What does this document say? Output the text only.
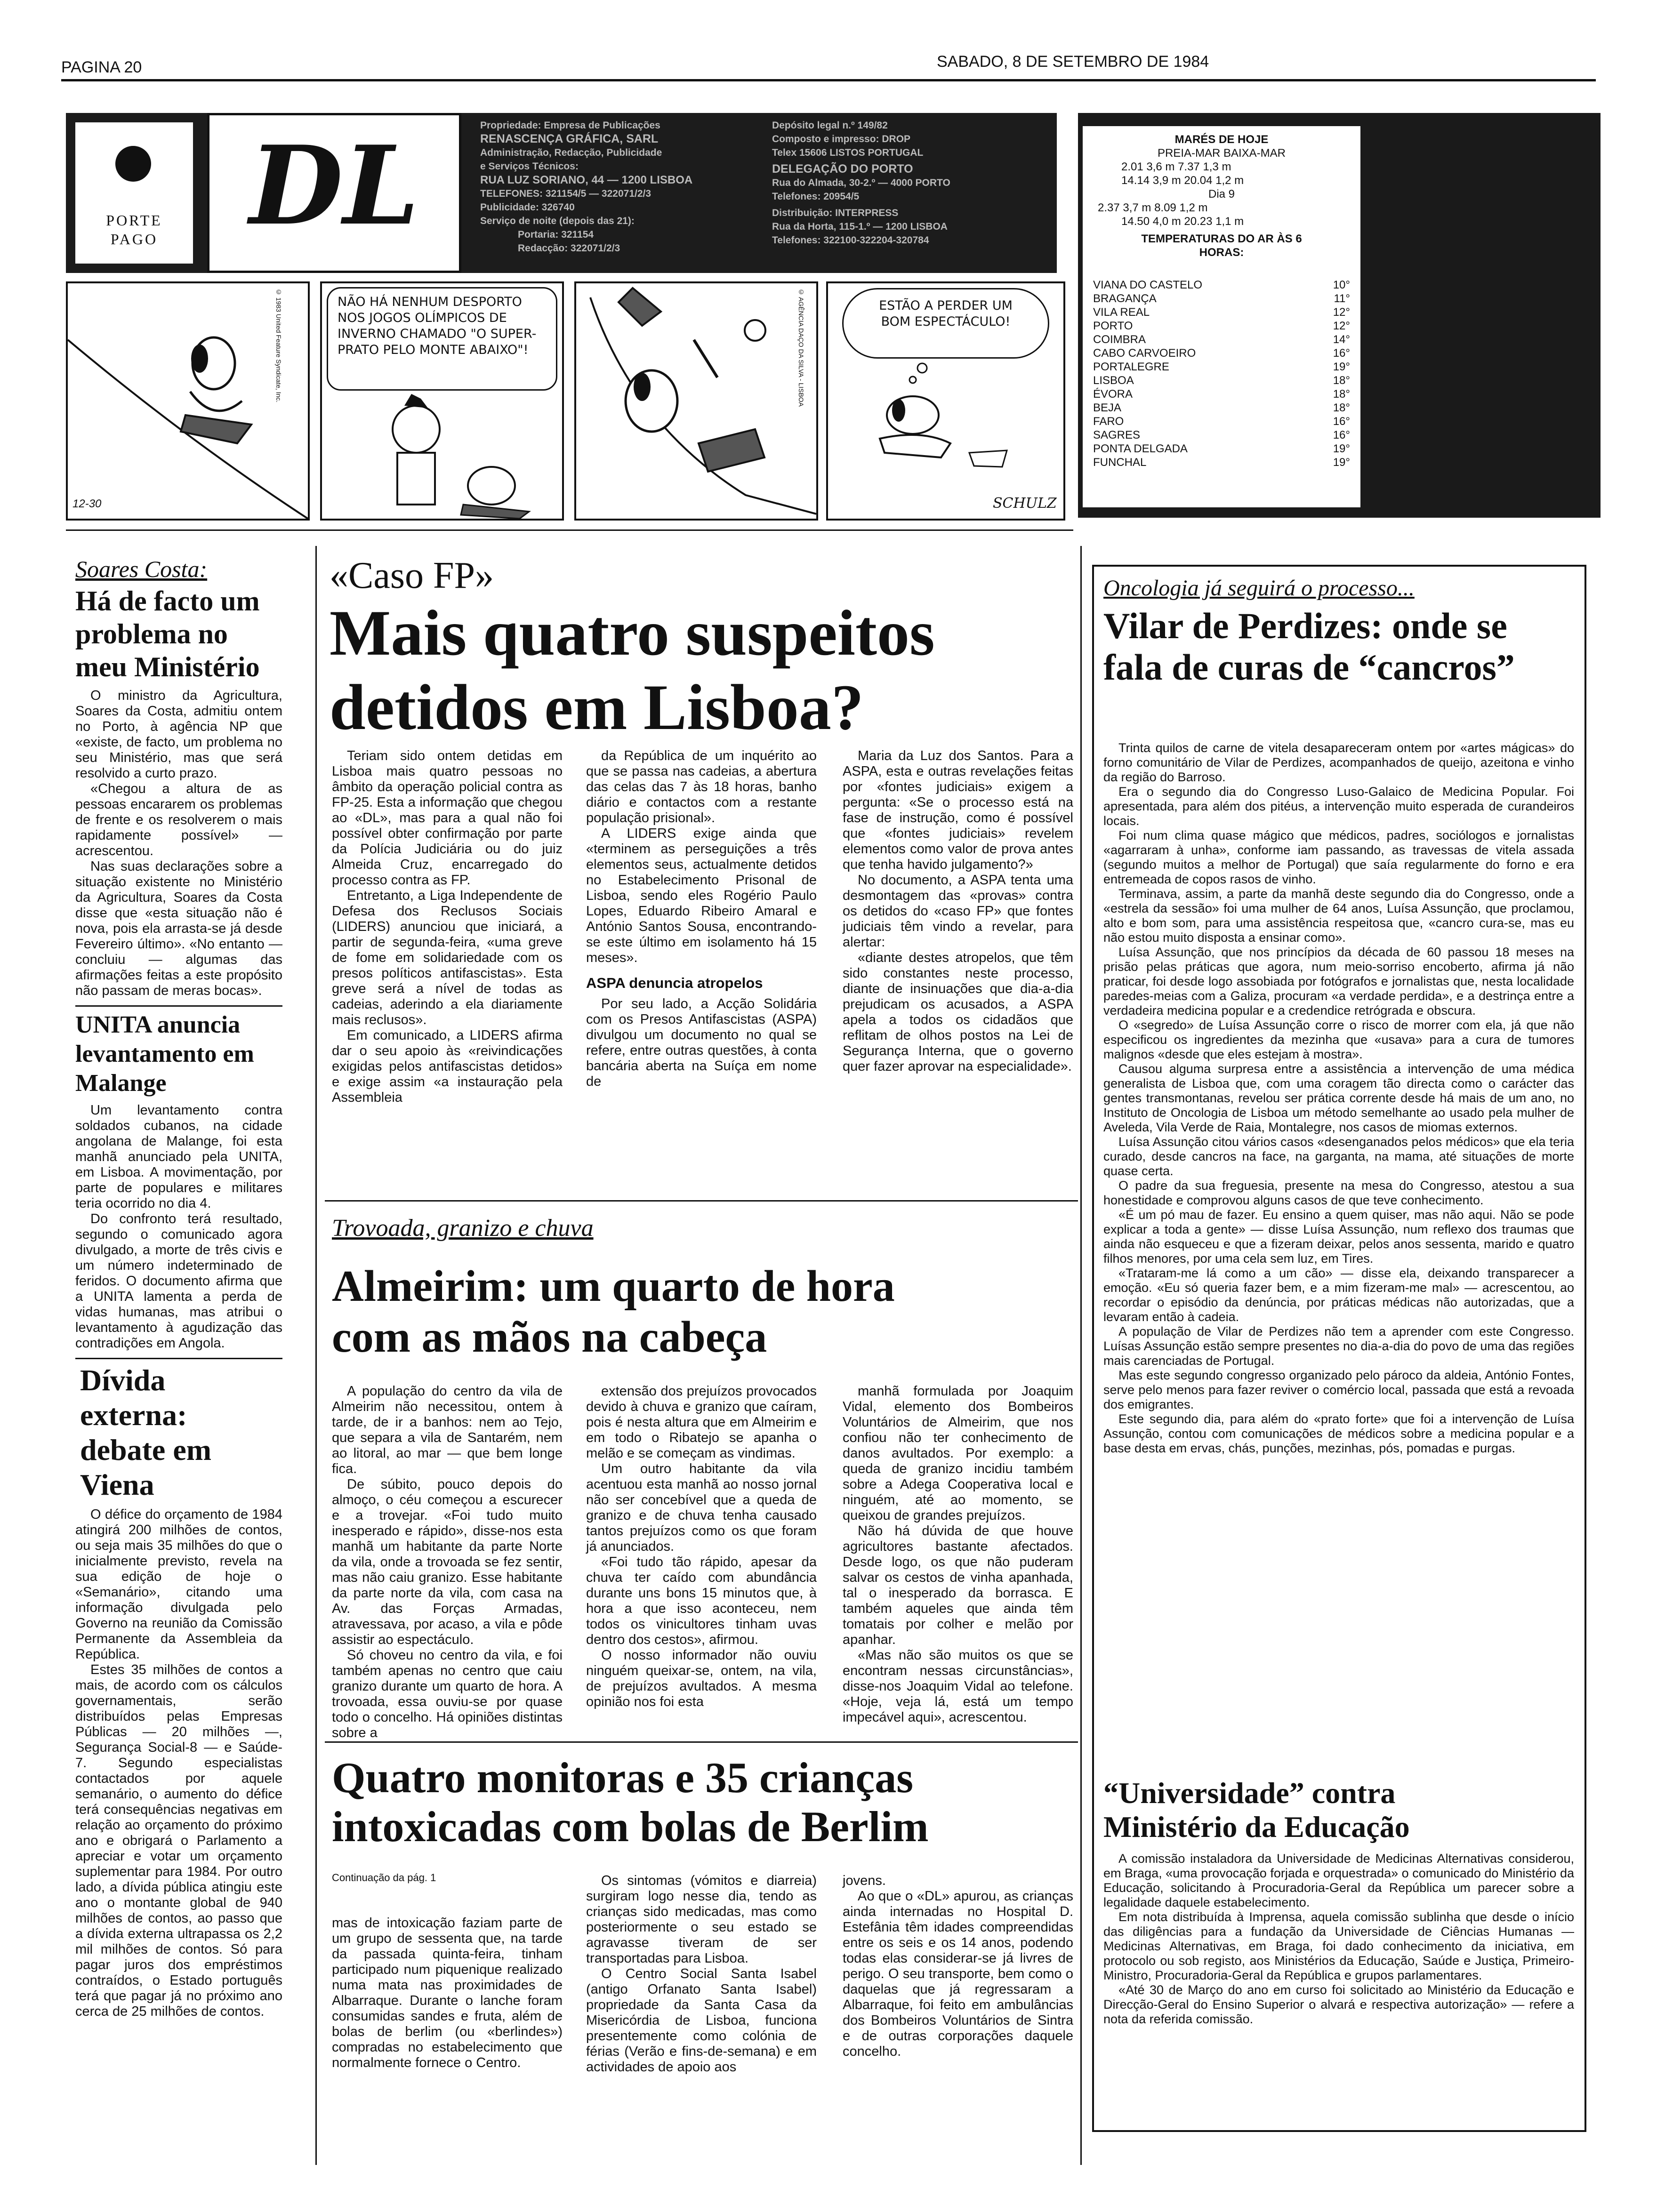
PAGINA 20	SABADO, 8 DE SETEMBRO DE 1984
PORTE
PAGO DL	Propriedade: Empresa de Publicações
RENASCENÇA GRÁFICA, SARL
Administração, Redacção, Publicidade
e Serviços Técnicos:
RUA LUZ SORIANO, 44 — 1200 LISBOA
TELEFONES: 321154/5 — 322071/2/3
Publicidade: 326740
Serviço de noite (depois das 21):
Portaria: 321154
Redacção: 322071/2/3
Depósito legal n.º 149/82
Composto e impresso: DROP
Telex 15606 LISTOS PORTUGAL
DELEGAÇÃO DO PORTO
Rua do Almada, 30-2.º — 4000 PORTO
Telefones: 20954/5
Distribuição: INTERPRESS
Rua da Horta, 115-1.º — 1200 LISBOA
Telefones: 322100-322204-320784
MARÉS DE HOJE
PREIA-MAR BAIXA-MAR
2.01 3,6 m 7.37 1,3 m
14.14 3,9 m 20.04 1,2 m
Dia 9
2.37 3,7 m 8.09 1,2 m
14.50 4,0 m 20.23 1,1 m
TEMPERATURAS DO AR ÀS 6 HORAS:
VIANA DO CASTELO	10°
BRAGANÇA	11°
VILA REAL	12°
PORTO	12°
COIMBRA	14°
CABO CARVOEIRO	16°
PORTALEGRE	19°
LISBOA	18°
ÉVORA	18°
BEJA	18°
FARO	16°
SAGRES	16°
PONTA DELGADA	19°
FUNCHAL	19°
12-30
© 1983 United Feature Syndicate, Inc.	NÃO HÁ NENHUM DESPORTO NOS JOGOS OLÍMPICOS DE INVERNO CHAMADO "O SUPER-PRATO PELO MONTE ABAIXO"!	© AGÊNCIA DAÇO DA SILVA - LISBOA	ESTÃO A PERDER UM BOM ESPECTÁCULO!
SCHULZ
Soares Costa:
Há de facto um problema no meu Ministério

O ministro da Agricultura, Soares da Costa, admitiu ontem no Porto, à agência NP que «existe, de facto, um problema no seu Ministério, mas que será resolvido a curto prazo.

«Chegou a altura de as pessoas encararem os problemas de frente e os resolverem o mais rapidamente possível» — acrescentou.

Nas suas declarações sobre a situação existente no Ministério da Agricultura, Soares da Costa disse que «esta situação não é nova, pois ela arrasta-se já desde Fevereiro último». «No entanto — concluiu — algumas das afirmações feitas a este propósito não passam de meras bocas».

UNITA anuncia levantamento em Malange

Um levantamento contra soldados cubanos, na cidade angolana de Malange, foi esta manhã anunciado pela UNITA, em Lisboa. A movimentação, por parte de populares e militares teria ocorrido no dia 4.

Do confronto terá resultado, segundo o comunicado agora divulgado, a morte de três civis e um número indeterminado de feridos. O documento afirma que a UNITA lamenta a perda de vidas humanas, mas atribui o levantamento à agudização das contradições em Angola.

Dívida externa: debate em Viena

O défice do orçamento de 1984 atingirá 200 milhões de contos, ou seja mais 35 milhões do que o inicialmente previsto, revela na sua edição de hoje o «Semanário», citando uma informação divulgada pelo Governo na reunião da Comissão Permanente da Assembleia da República.

Estes 35 milhões de contos a mais, de acordo com os cálculos governamentais, serão distribuídos pelas Empresas Públicas — 20 milhões —, Segurança Social-8 — e Saúde-7. Segundo especialistas contactados por aquele semanário, o aumento do défice terá consequências negativas em relação ao orçamento do próximo ano e obrigará o Parlamento a apreciar e votar um orçamento suplementar para 1984. Por outro lado, a dívida pública atingiu este ano o montante global de 940 milhões de contos, ao passo que a dívida externa ultrapassa os 2,2 mil milhões de contos. Só para pagar juros dos empréstimos contraídos, o Estado português terá que pagar já no próximo ano cerca de 25 milhões de contos.

«Caso FP»
Mais quatro suspeitos detidos em Lisboa?

Teriam sido ontem detidas em Lisboa mais quatro pessoas no âmbito da operação policial contra as FP-25. Esta a informação que chegou ao «DL», mas para a qual não foi possível obter confirmação por parte da Polícia Judiciária ou do juiz Almeida Cruz, encarregado do processo contra as FP.

Entretanto, a Liga Independente de Defesa dos Reclusos Sociais (LIDERS) anunciou que iniciará, a partir de segunda-feira, «uma greve de fome em solidariedade com os presos políticos antifascistas». Esta greve será a nível de todas as cadeias, aderindo a ela diariamente mais reclusos».

Em comunicado, a LIDERS afirma dar o seu apoio às «reivindicações exigidas pelos antifascistas detidos» e exige assim «a instauração pela Assembleia

da República de um inquérito ao que se passa nas cadeias, a abertura das celas das 7 às 18 horas, banho diário e contactos com a restante população prisional».

A LIDERS exige ainda que «terminem as perseguições a três elementos seus, actualmente detidos no Estabelecimento Prisonal de Lisboa, sendo eles Rogério Paulo Lopes, Eduardo Ribeiro Amaral e António Santos Sousa, encontrando-se este último em isolamento há 15 meses».

ASPA denuncia atropelos

Por seu lado, a Acção Solidária com os Presos Antifascistas (ASPA) divulgou um documento no qual se refere, entre outras questões, à conta bancária aberta na Suíça em nome de

Maria da Luz dos Santos. Para a ASPA, esta e outras revelações feitas por «fontes judiciais» exigem a pergunta: «Se o processo está na fase de instrução, como é possível que «fontes judiciais» revelem elementos como valor de prova antes que tenha havido julgamento?»

No documento, a ASPA tenta uma desmontagem das «provas» contra os detidos do «caso FP» que fontes judiciais têm vindo a revelar, para alertar:

«diante destes atropelos, que têm sido constantes neste processo, diante de insinuações que dia-a-dia prejudicam os acusados, a ASPA apela a todos os cidadãos que reflitam de olhos postos na Lei de Segurança Interna, que o governo quer fazer aprovar na especialidade».

Trovoada, granizo e chuva
Almeirim: um quarto de hora com as mãos na cabeça

A população do centro da vila de Almeirim não necessitou, ontem à tarde, de ir a banhos: nem ao Tejo, que separa a vila de Santarém, nem ao litoral, ao mar — que bem longe fica.

De súbito, pouco depois do almoço, o céu começou a escurecer e a trovejar. «Foi tudo muito inesperado e rápido», disse-nos esta manhã um habitante da parte Norte da vila, onde a trovoada se fez sentir, mas não caiu granizo. Esse habitante da parte norte da vila, com casa na Av. das Forças Armadas, atravessava, por acaso, a vila e pôde assistir ao espectáculo.

Só choveu no centro da vila, e foi também apenas no centro que caiu granizo durante um quarto de hora. A trovoada, essa ouviu-se por quase todo o concelho. Há opiniões distintas sobre a

extensão dos prejuízos provocados devido à chuva e granizo que caíram, pois é nesta altura que em Almeirim e em todo o Ribatejo se apanha o melão e se começam as vindimas.

Um outro habitante da vila acentuou esta manhã ao nosso jornal não ser concebível que a queda de granizo e de chuva tenha causado tantos prejuízos como os que foram já anunciados.

«Foi tudo tão rápido, apesar da chuva ter caído com abundância durante uns bons 15 minutos que, à hora a que isso aconteceu, nem todos os vinicultores tinham uvas dentro dos cestos», afirmou.

O nosso informador não ouviu ninguém queixar-se, ontem, na vila, de prejuízos avultados. A mesma opinião nos foi esta

manhã formulada por Joaquim Vidal, elemento dos Bombeiros Voluntários de Almeirim, que nos confiou não ter conhecimento de danos avultados. Por exemplo: a queda de granizo incidiu também sobre a Adega Cooperativa local e ninguém, até ao momento, se queixou de grandes prejuízos.

Não há dúvida de que houve agricultores bastante afectados. Desde logo, os que não puderam salvar os cestos de vinha apanhada, tal o inesperado da borrasca. E também aqueles que ainda têm tomatais por colher e melão por apanhar.

«Mas não são muitos os que se encontram nessas circunstâncias», disse-nos Joaquim Vidal ao telefone. «Hoje, veja lá, está um tempo impecável aqui», acrescentou.

Quatro monitoras e 35 crianças intoxicadas com bolas de Berlim
Continuação da pág. 1

mas de intoxicação faziam parte de um grupo de sessenta que, na tarde da passada quinta-feira, tinham participado num piquenique realizado numa mata nas proximidades de Albarraque. Durante o lanche foram consumidas sandes e fruta, além de bolas de berlim (ou «berlindes») compradas no estabelecimento que normalmente fornece o Centro.

Os sintomas (vómitos e diarreia) surgiram logo nesse dia, tendo as crianças sido medicadas, mas como posteriormente o seu estado se agravasse tiveram de ser transportadas para Lisboa.

O Centro Social Santa Isabel (antigo Orfanato Santa Isabel) propriedade da Santa Casa da Misericórdia de Lisboa, funciona presentemente como colónia de férias (Verão e fins-de-semana) e em actividades de apoio aos

jovens.

Ao que o «DL» apurou, as crianças ainda internadas no Hospital D. Estefânia têm idades compreendidas entre os seis e os 14 anos, podendo todas elas considerar-se já livres de perigo. O seu transporte, bem como o daquelas que já regressaram a Albarraque, foi feito em ambulâncias dos Bombeiros Voluntários de Sintra e de outras corporações daquele concelho.

Oncologia já seguirá o processo...
Vilar de Perdizes: onde se fala de curas de “cancros”

Trinta quilos de carne de vitela desapareceram ontem por «artes mágicas» do forno comunitário de Vilar de Perdizes, acompanhados de queijo, azeitona e vinho da região do Barroso.

Era o segundo dia do Congresso Luso-Galaico de Medicina Popular. Foi apresentada, para além dos pitéus, a intervenção muito esperada de curandeiros locais.

Foi num clima quase mágico que médicos, padres, sociólogos e jornalistas «agarraram à unha», conforme iam passando, as travessas de vitela assada (segundo muitos a melhor de Portugal) que saía regularmente do forno e era entremeada de copos rasos de vinho.

Terminava, assim, a parte da manhã deste segundo dia do Congresso, onde a «estrela da sessão» foi uma mulher de 64 anos, Luísa Assunção, que proclamou, alto e bom som, para uma assistência respeitosa que, «cancro cura-se, mas eu não estou muito disposta a ensinar como».

Luísa Assunção, que nos princípios da década de 60 passou 18 meses na prisão pelas práticas que agora, num meio-sorriso encoberto, afirma já não praticar, foi desde logo assobiada por fotógrafos e jornalistas que, nesta localidade paredes-meias com a Galiza, procuram «a verdade perdida», e a destrinça entre a verdadeira medicina popular e a credendice retrógrada e obscura.

O «segredo» de Luísa Assunção corre o risco de morrer com ela, já que não especificou os ingredientes da mezinha que «usava» para a cura de tumores malignos «desde que eles estejam à mostra».

Causou alguma surpresa entre a assistência a intervenção de uma médica generalista de Lisboa que, com uma coragem tão directa como o carácter das gentes transmontanas, revelou ser prática corrente desde há mais de um ano, no Instituto de Oncologia de Lisboa um método semelhante ao usado pela mulher de Aveleda, Vila Verde de Raia, Montalegre, nos casos de miomas externos.

Luísa Assunção citou vários casos «desenganados pelos médicos» que ela teria curado, desde cancros na face, na garganta, na mama, até situações de morte quase certa.

O padre da sua freguesia, presente na mesa do Congresso, atestou a sua honestidade e comprovou alguns casos de que teve conhecimento.

«É um pó mau de fazer. Eu ensino a quem quiser, mas não aqui. Não se pode explicar a toda a gente» — disse Luísa Assunção, num reflexo dos traumas que ainda não esqueceu e que a fizeram deixar, pelos anos sessenta, marido e quatro filhos menores, por uma cela sem luz, em Tires.

«Trataram-me lá como a um cão» — disse ela, deixando transparecer a emoção. «Eu só queria fazer bem, e a mim fizeram-me mal» — acrescentou, ao recordar o episódio da denúncia, por práticas médicas não autorizadas, que a levaram então à cadeia.

A população de Vilar de Perdizes não tem a aprender com este Congresso. Luísas Assunção estão sempre presentes no dia-a-dia do povo de uma das regiões mais carenciadas de Portugal.

Mas este segundo congresso organizado pelo pároco da aldeia, António Fontes, serve pelo menos para fazer reviver o comércio local, passada que está a revoada dos emigrantes.

Este segundo dia, para além do «prato forte» que foi a intervenção de Luísa Assunção, contou com comunicações de médicos sobre a medicina popular e a base desta em ervas, chás, punções, mezinhas, pós, pomadas e purgas.

“Universidade” contra Ministério da Educação

A comissão instaladora da Universidade de Medicinas Alternativas considerou, em Braga, «uma provocação forjada e orquestrada» o comunicado do Ministério da Educação, solicitando à Procuradoria-Geral da República um parecer sobre a legalidade daquele estabelecimento.

Em nota distribuída à Imprensa, aquela comissão sublinha que desde o início das diligências para a fundação da Universidade de Ciências Humanas — Medicinas Alternativas, em Braga, foi dado conhecimento da iniciativa, em protocolo ou sob registo, aos Ministérios da Educação, Saúde e Justiça, Primeiro-Ministro, Procuradoria-Geral da República e grupos parlamentares.

«Até 30 de Março do ano em curso foi solicitado ao Ministério da Educação e Direcção-Geral do Ensino Superior o alvará e respectiva autorização» — refere a nota da referida comissão.
